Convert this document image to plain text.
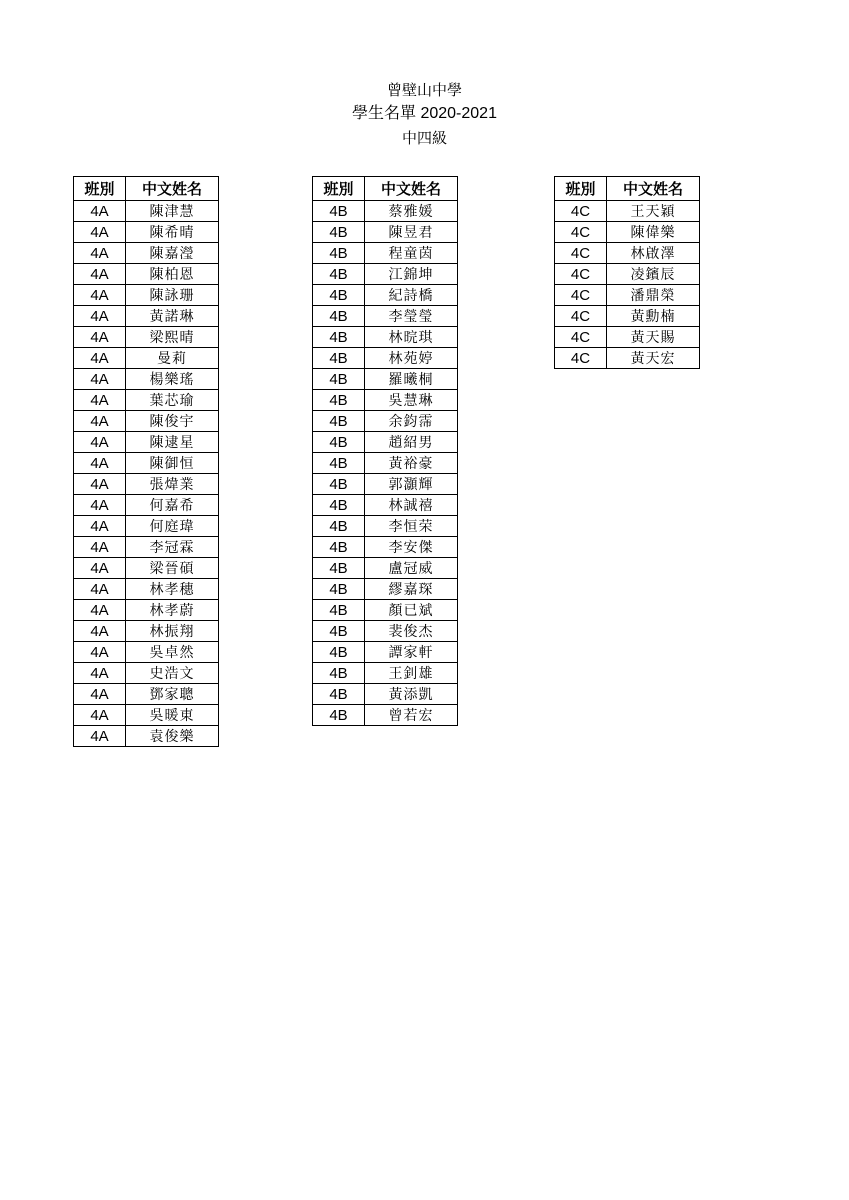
曾壁山中學
學生名單 2020-2021
中四級
班別	中文姓名
4A	陳津慧
4A	陳希晴
4A	陳嘉瀅
4A	陳柏恩
4A	陳詠珊
4A	黃諾琳
4A	梁熙晴
4A	曼莉
4A	楊樂瑤
4A	葉芯瑜
4A	陳俊宇
4A	陳逮星
4A	陳御恒
4A	張煒業
4A	何嘉希
4A	何庭瑋
4A	李冠霖
4A	梁晉碩
4A	林孝穗
4A	林孝蔚
4A	林振翔
4A	吳卓然
4A	史浩文
4A	鄧家聰
4A	吳暖東
4A	袁俊樂
班別	中文姓名
4B	蔡雅媛
4B	陳昱君
4B	程童茵
4B	江錦坤
4B	紀詩橋
4B	李瑩瑩
4B	林晥琪
4B	林苑婷
4B	羅曦桐
4B	吳慧琳
4B	余鈞霈
4B	趙紹男
4B	黃裕豪
4B	郭灝輝
4B	林誠禧
4B	李恒荣
4B	李安傑
4B	盧冠威
4B	繆嘉琛
4B	顏已斌
4B	裴俊杰
4B	譚家軒
4B	王釗雄
4B	黃添凱
4B	曾若宏
班別	中文姓名
4C	王天穎
4C	陳偉樂
4C	林啟澤
4C	凌鑌辰
4C	潘鼎榮
4C	黃勳楠
4C	黃天賜
4C	黃天宏
